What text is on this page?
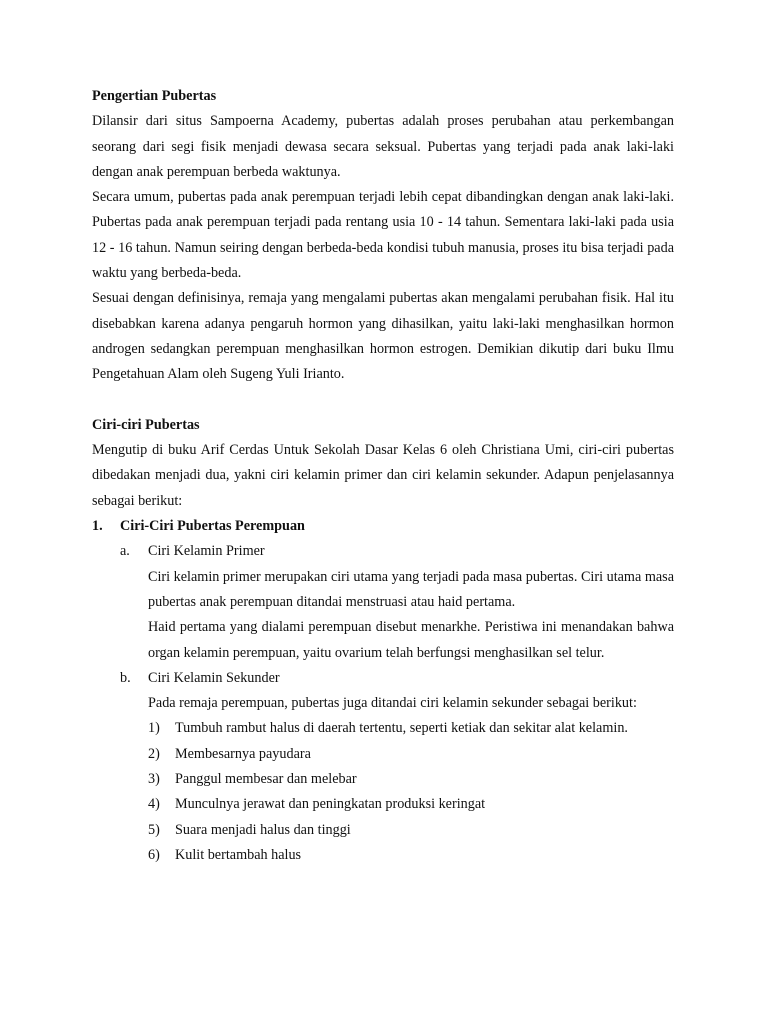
Pengertian Pubertas

Dilansir dari situs Sampoerna Academy, pubertas adalah proses perubahan atau perkembangan seorang dari segi fisik menjadi dewasa secara seksual. Pubertas yang terjadi pada anak laki-laki dengan anak perempuan berbeda waktunya.

Secara umum, pubertas pada anak perempuan terjadi lebih cepat dibandingkan dengan anak laki-laki. Pubertas pada anak perempuan terjadi pada rentang usia 10 - 14 tahun. Sementara laki-laki pada usia 12 - 16 tahun. Namun seiring dengan berbeda-beda kondisi tubuh manusia, proses itu bisa terjadi pada waktu yang berbeda-beda.

Sesuai dengan definisinya, remaja yang mengalami pubertas akan mengalami perubahan fisik. Hal itu disebabkan karena adanya pengaruh hormon yang dihasilkan, yaitu laki-laki menghasilkan hormon androgen sedangkan perempuan menghasilkan hormon estrogen. Demikian dikutip dari buku Ilmu Pengetahuan Alam oleh Sugeng Yuli Irianto.

Ciri-ciri Pubertas

Mengutip di buku Arif Cerdas Untuk Sekolah Dasar Kelas 6 oleh Christiana Umi, ciri-ciri pubertas dibedakan menjadi dua, yakni ciri kelamin primer dan ciri kelamin sekunder. Adapun penjelasannya sebagai berikut:

1.	Ciri-Ciri Pubertas Perempuan
a.	Ciri Kelamin Primer

Ciri kelamin primer merupakan ciri utama yang terjadi pada masa pubertas. Ciri utama masa pubertas anak perempuan ditandai menstruasi atau haid pertama.

Haid pertama yang dialami perempuan disebut menarkhe. Peristiwa ini menandakan bahwa organ kelamin perempuan, yaitu ovarium telah berfungsi menghasilkan sel telur.

b.	Ciri Kelamin Sekunder

Pada remaja perempuan, pubertas juga ditandai ciri kelamin sekunder sebagai berikut:

1)	Tumbuh rambut halus di daerah tertentu, seperti ketiak dan sekitar alat kelamin.
2)	Membesarnya payudara
3)	Panggul membesar dan melebar
4)	Munculnya jerawat dan peningkatan produksi keringat
5)	Suara menjadi halus dan tinggi
6)	Kulit bertambah halus
